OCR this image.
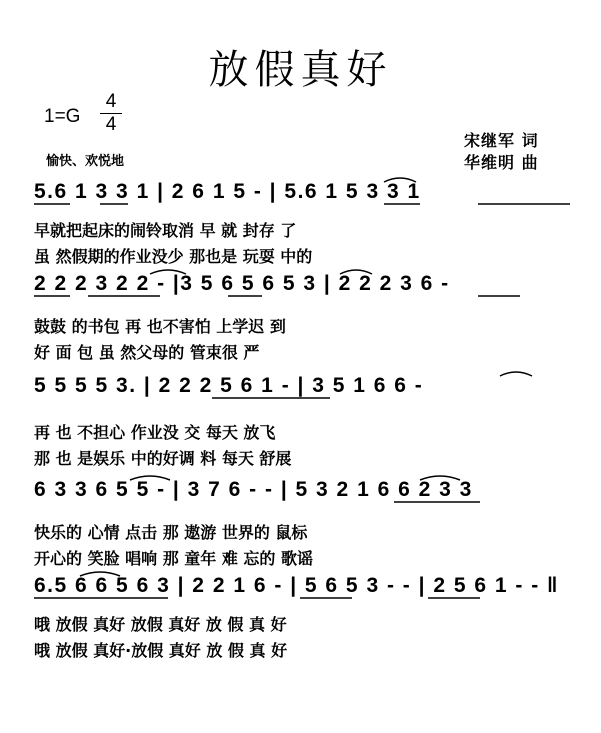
放假真好
1=G
4
4
愉快、欢悦地
宋继军 词
华维明 曲
5.6 1 3 3 1 | 2 6 1 5 - | 5.6 1 5 3 3 1
早就把起床的闹铃取消 早 就 封存 了
虽 然假期的作业没少 那也是 玩耍 中的
2 2 2 3 2 2 - |3 5 6 5 6 5 3 | 2 2 2 3 6 -
鼓鼓 的书包 再 也不害怕 上学迟 到
好 面 包 虽 然父母的 管束很 严
5 5 5 5 3. | 2 2 2 5 6 1 - | 3 5 1 6 6 -
再 也 不担心 作业没 交 每天 放飞
那 也 是娱乐 中的好调 料 每天 舒展
6 3 3 6 5 5 - | 3 7 6 - - | 5 3 2 1 6 6 2 3 3
快乐的 心情 点击 那 遨游 世界的 鼠标
开心的 笑脸 唱响 那 童年 难 忘的 歌谣
6.5 6 6 5 6 3 | 2 2 1 6 - | 5 6 5 3 - - | 2 5 6 1 - - ‖
哦 放假 真好 放假 真好 放 假 真 好
哦 放假 真好·放假 真好 放 假 真 好
